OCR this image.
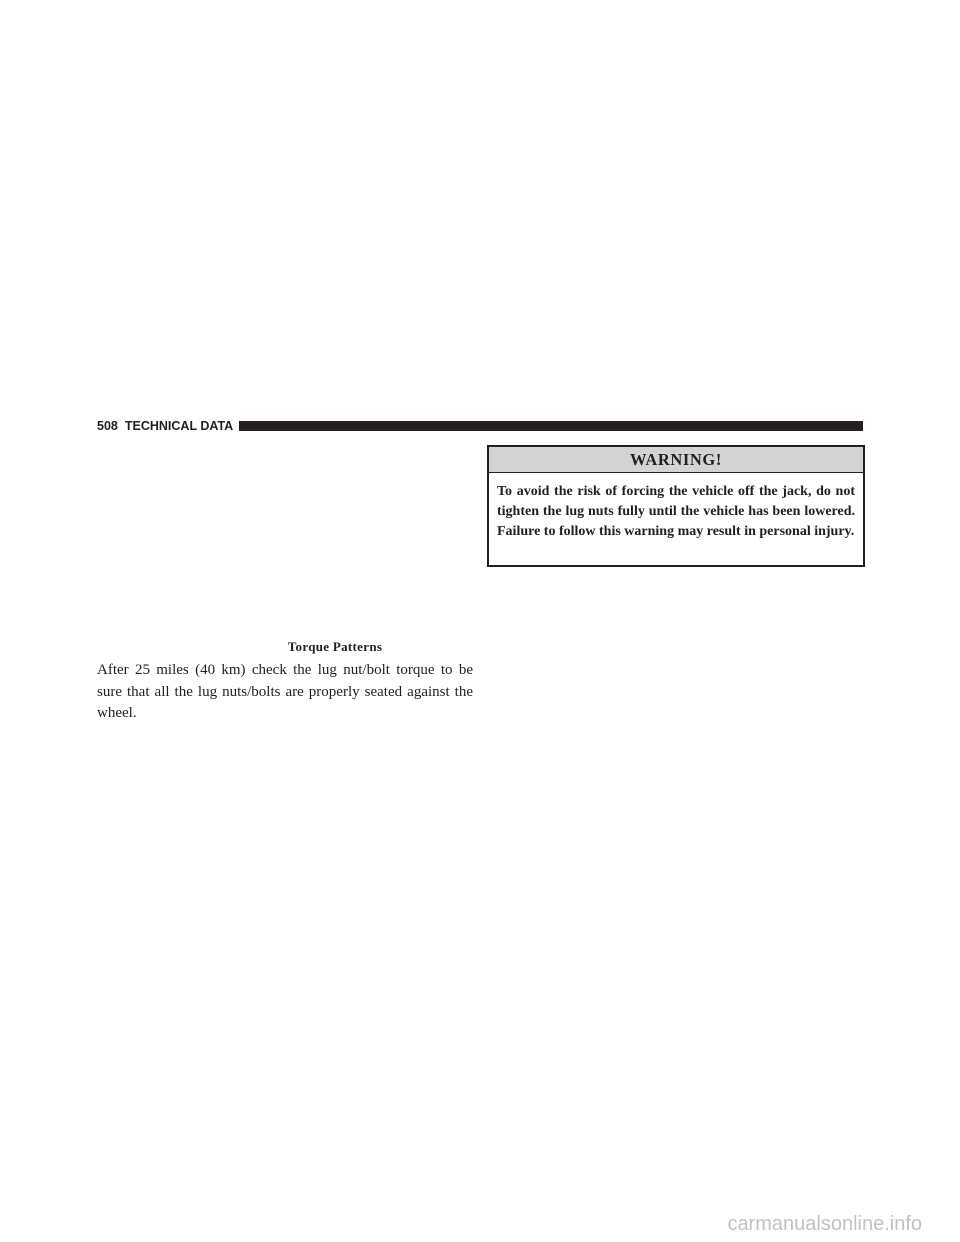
508 TECHNICAL DATA
Torque Patterns

After 25 miles (40 km) check the lug nut/bolt torque to be sure that all the lug nuts/bolts are properly seated against the wheel.

WARNING!

To avoid the risk of forcing the vehicle off the jack, do not tighten the lug nuts fully until the vehicle has been lowered. Failure to follow this warning may result in personal injury.

carmanualsonline.info
